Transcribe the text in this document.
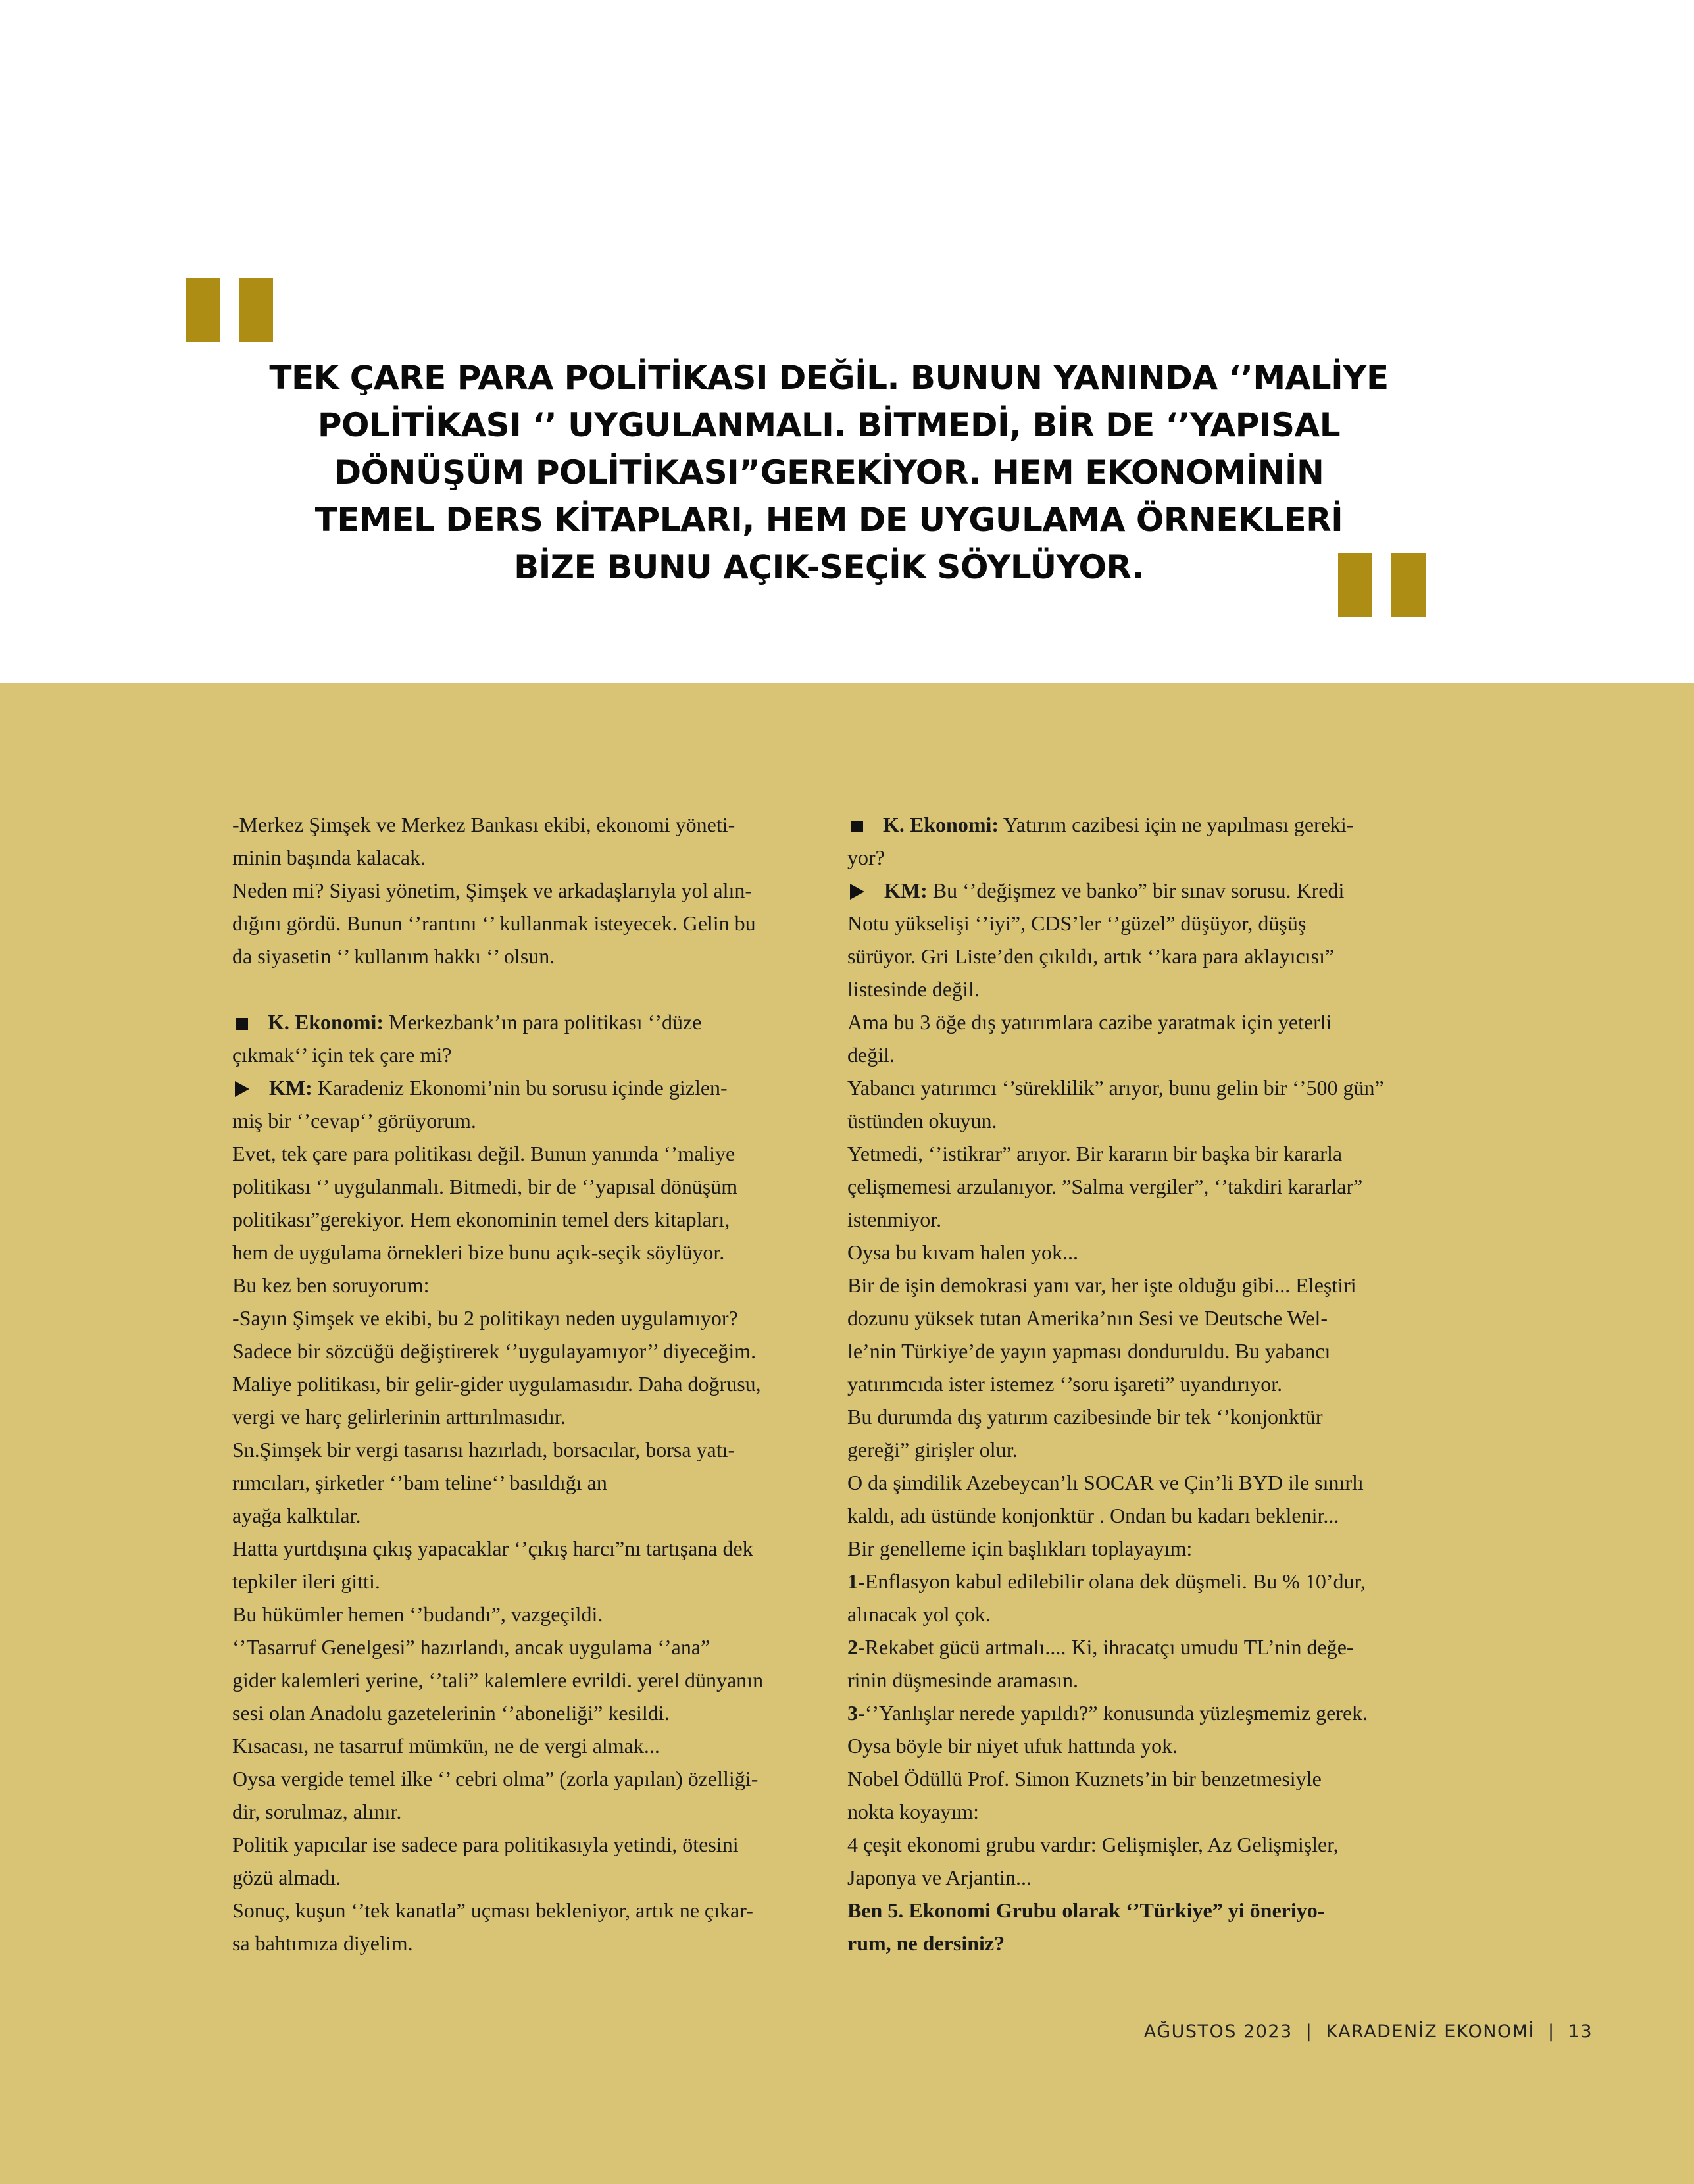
TEK ÇARE PARA POLİTİKASI DEĞİL. BUNUN YANINDA ‘’MALİYE
POLİTİKASI ‘’ UYGULANMALI. BİTMEDİ, BİR DE ‘’YAPISAL
DÖNÜŞÜM POLİTİKASI”GEREKİYOR. HEM EKONOMİNİN
TEMEL DERS KİTAPLARI, HEM DE UYGULAMA ÖRNEKLERİ
BİZE BUNU AÇIK-SEÇİK SÖYLÜYOR.

-Merkez Şimşek ve Merkez Bankası ekibi, ekonomi yöneti-

minin başında kalacak.

Neden mi? Siyasi yönetim, Şimşek ve arkadaşlarıyla yol alın-

dığını gördü. Bunun ‘’rantını ‘’ kullanmak isteyecek. Gelin bu

da siyasetin ‘’ kullanım hakkı ‘’ olsun.

K. Ekonomi: Merkezbank’ın para politikası ‘’düze

çıkmak‘’ için tek çare mi?

KM: Karadeniz Ekonomi’nin bu sorusu içinde gizlen-

miş bir ‘’cevap‘’ görüyorum.

Evet, tek çare para politikası değil. Bunun yanında ‘’maliye

politikası ‘’ uygulanmalı. Bitmedi, bir de ‘’yapısal dönüşüm

politikası”gerekiyor. Hem ekonominin temel ders kitapları,

hem de uygulama örnekleri bize bunu açık-seçik söylüyor.

Bu kez ben soruyorum:

-Sayın Şimşek ve ekibi, bu 2 politikayı neden uygulamıyor?

Sadece bir sözcüğü değiştirerek ‘’uygulayamıyor’’ diyeceğim.

Maliye politikası, bir gelir-gider uygulamasıdır. Daha doğrusu,

vergi ve harç gelirlerinin arttırılmasıdır.

Sn.Şimşek bir vergi tasarısı hazırladı, borsacılar, borsa yatı-

rımcıları, şirketler ‘’bam teline‘’ basıldığı an

ayağa kalktılar.

Hatta yurtdışına çıkış yapacaklar ‘’çıkış harcı”nı tartışana dek

tepkiler ileri gitti.

Bu hükümler hemen ‘’budandı”, vazgeçildi.

‘’Tasarruf Genelgesi” hazırlandı, ancak uygulama ‘’ana”

gider kalemleri yerine, ‘’tali” kalemlere evrildi. yerel dünyanın

sesi olan Anadolu gazetelerinin ‘’aboneliği” kesildi.

Kısacası, ne tasarruf mümkün, ne de vergi almak...

Oysa vergide temel ilke ‘’ cebri olma” (zorla yapılan) özelliği-

dir, sorulmaz, alınır.

Politik yapıcılar ise sadece para politikasıyla yetindi, ötesini

gözü almadı.

Sonuç, kuşun ‘’tek kanatla” uçması bekleniyor, artık ne çıkar-

sa bahtımıza diyelim.

K. Ekonomi: Yatırım cazibesi için ne yapılması gereki-

yor?

KM: Bu ‘’değişmez ve banko” bir sınav sorusu. Kredi

Notu yükselişi ‘’iyi”, CDS’ler ‘’güzel” düşüyor, düşüş

sürüyor. Gri Liste’den çıkıldı, artık ‘’kara para aklayıcısı”

listesinde değil.

Ama bu 3 öğe dış yatırımlara cazibe yaratmak için yeterli

değil.

Yabancı yatırımcı ‘’süreklilik” arıyor, bunu gelin bir ‘’500 gün”

üstünden okuyun.

Yetmedi, ‘’istikrar” arıyor. Bir kararın bir başka bir kararla

çelişmemesi arzulanıyor. ”Salma vergiler”, ‘’takdiri kararlar”

istenmiyor.

Oysa bu kıvam halen yok...

Bir de işin demokrasi yanı var, her işte olduğu gibi... Eleştiri

dozunu yüksek tutan Amerika’nın Sesi ve Deutsche Wel-

le’nin Türkiye’de yayın yapması donduruldu. Bu yabancı

yatırımcıda ister istemez ‘’soru işareti” uyandırıyor.

Bu durumda dış yatırım cazibesinde bir tek ‘’konjonktür

gereği” girişler olur.

O da şimdilik Azebeycan’lı SOCAR ve Çin’li BYD ile sınırlı

kaldı, adı üstünde konjonktür . Ondan bu kadarı beklenir...

Bir genelleme için başlıkları toplayayım:

1-Enflasyon kabul edilebilir olana dek düşmeli. Bu % 10’dur,

alınacak yol çok.

2-Rekabet gücü artmalı.... Ki, ihracatçı umudu TL’nin değe-

rinin düşmesinde aramasın.

3-‘’Yanlışlar nerede yapıldı?” konusunda yüzleşmemiz gerek.

Oysa böyle bir niyet ufuk hattında yok.

Nobel Ödüllü Prof. Simon Kuznets’in bir benzetmesiyle

nokta koyayım:

4 çeşit ekonomi grubu vardır: Gelişmişler, Az Gelişmişler,

Japonya ve Arjantin...

Ben 5. Ekonomi Grubu olarak ‘’Türkiye” yi öneriyo-

rum, ne dersiniz?

AĞUSTOS 2023 | KARADENİZ EKONOMİ | 13
